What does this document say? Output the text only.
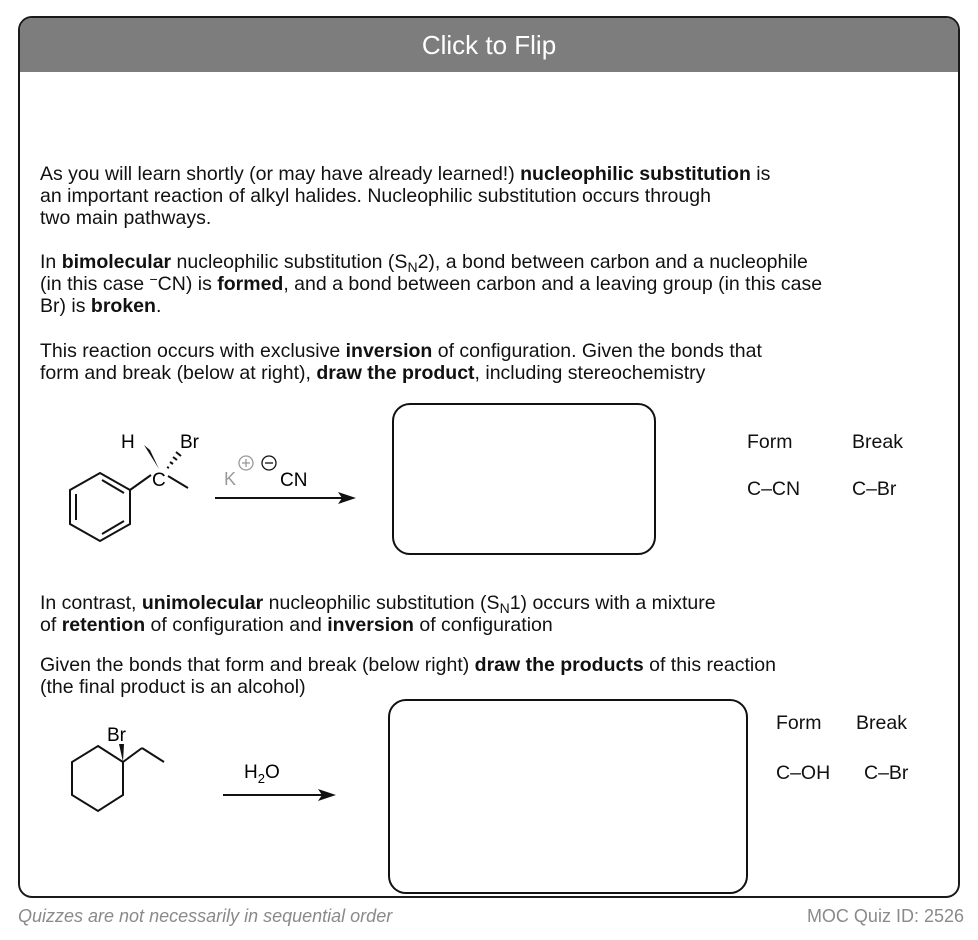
Click to Flip
As you will learn shortly (or may have already learned!) nucleophilic substitution is
an important reaction of alkyl halides. Nucleophilic substitution occurs through
two main pathways.
In bimolecular nucleophilic substitution $(S_N2)$, a bond between carbon and a nucleophile
(in this case −CN) is formed, and a bond between carbon and a leaving group (in this case
Br) is broken.
This reaction occurs with exclusive inversion of configuration. Given the bonds that
form and break (below at right), draw the product, including stereochemistry
C
H Br
K CN
Br
$H_2O$
Form	Break
C–CN	C–Br
In contrast, unimolecular nucleophilic substitution $(S_N1)$ occurs with a mixture
of retention of configuration and inversion of configuration
Given the bonds that form and break (below right) draw the products of this reaction
(the final product is an alcohol)
Form Break
C–OH C–Br
Quizzes are not necessarily in sequential order	MOC Quiz ID: 2526
